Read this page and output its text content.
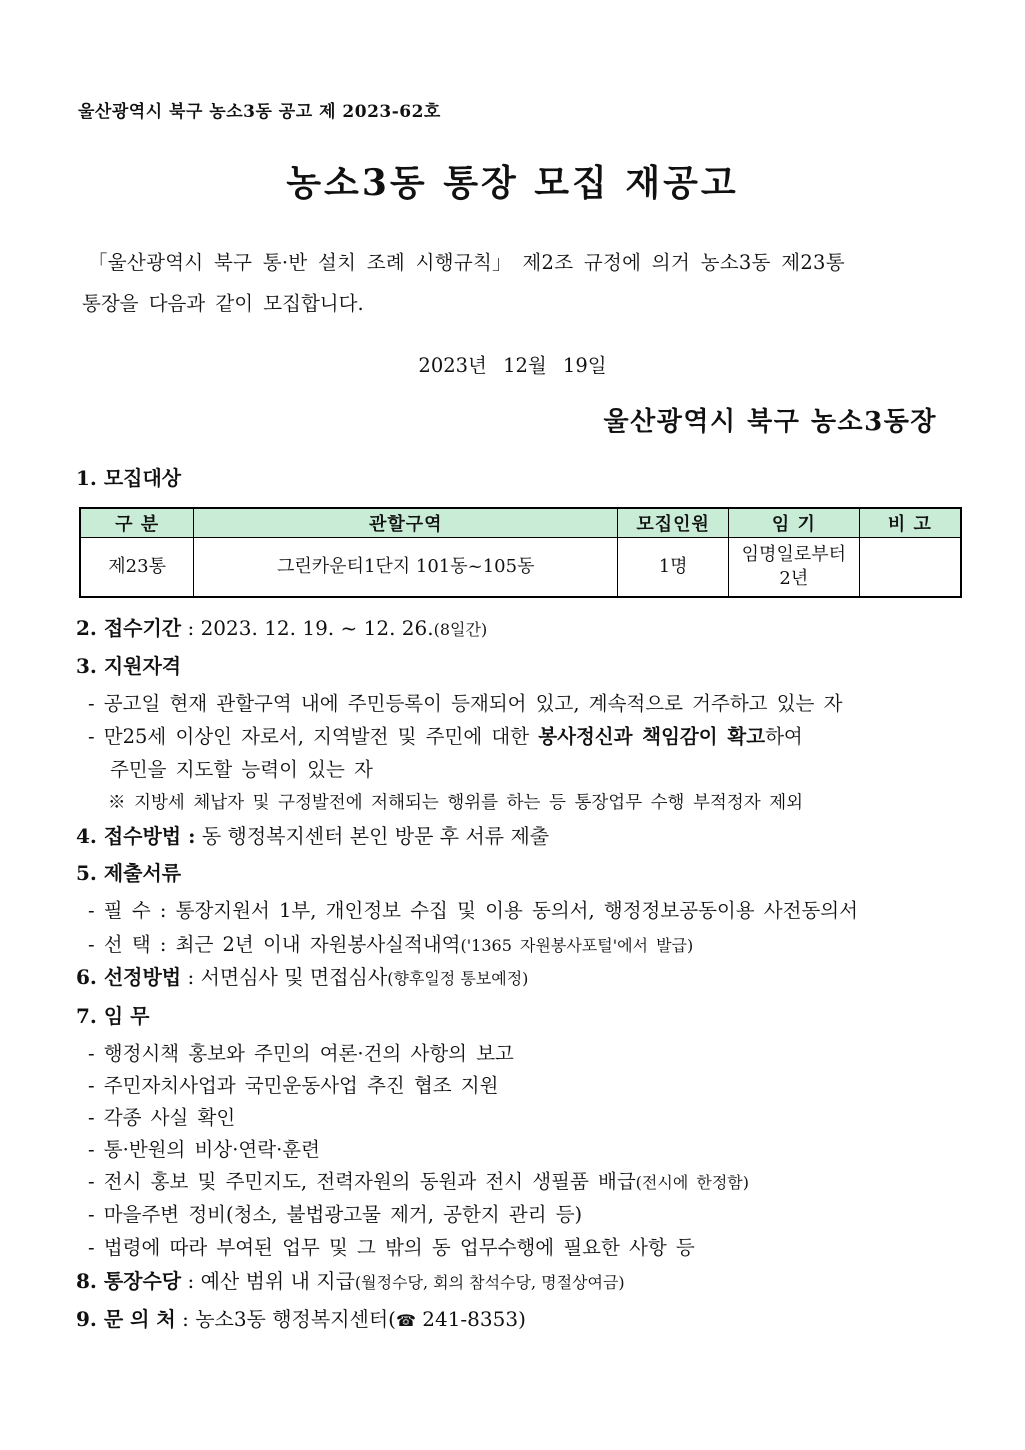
울산광역시 북구 농소3동 공고 제 2023-62호
농소3동 통장 모집 재공고
「울산광역시 북구 통·반 설치 조례 시행규칙」 제2조 규정에 의거 농소3동 제23통
통장을 다음과 같이 모집합니다.
2023년 12월 19일
울산광역시 북구 농소3동장
1. 모집대상
구 분	관할구역	모집인원	임 기	비 고
제23통	그린카운티1단지 101동~105동	1명	임명일로부터
2년	
2. 접수기간 : 2023. 12. 19. ~ 12. 26.(8일간)
3. 지원자격
- 공고일 현재 관할구역 내에 주민등록이 등재되어 있고, 계속적으로 거주하고 있는 자
- 만25세 이상인 자로서, 지역발전 및 주민에 대한 봉사정신과 책임감이 확고하여
주민을 지도할 능력이 있는 자
※ 지방세 체납자 및 구정발전에 저해되는 행위를 하는 등 통장업무 수행 부적정자 제외
4. 접수방법 : 동 행정복지센터 본인 방문 후 서류 제출
5. 제출서류
- 필 수 : 통장지원서 1부, 개인정보 수집 및 이용 동의서, 행정정보공동이용 사전동의서
- 선 택 : 최근 2년 이내 자원봉사실적내역('1365 자원봉사포털'에서 발급)
6. 선정방법 : 서면심사 및 면접심사(향후일정 통보예정)
7. 임 무
- 행정시책 홍보와 주민의 여론·건의 사항의 보고
- 주민자치사업과 국민운동사업 추진 협조 지원
- 각종 사실 확인
- 통·반원의 비상·연락·훈련
- 전시 홍보 및 주민지도, 전력자원의 동원과 전시 생필품 배급(전시에 한정함)
- 마을주변 정비(청소, 불법광고물 제거, 공한지 관리 등)
- 법령에 따라 부여된 업무 및 그 밖의 동 업무수행에 필요한 사항 등
8. 통장수당 : 예산 범위 내 지급(월정수당, 회의 참석수당, 명절상여금)
9. 문 의 처 : 농소3동 행정복지센터(☎ 241-8353)
